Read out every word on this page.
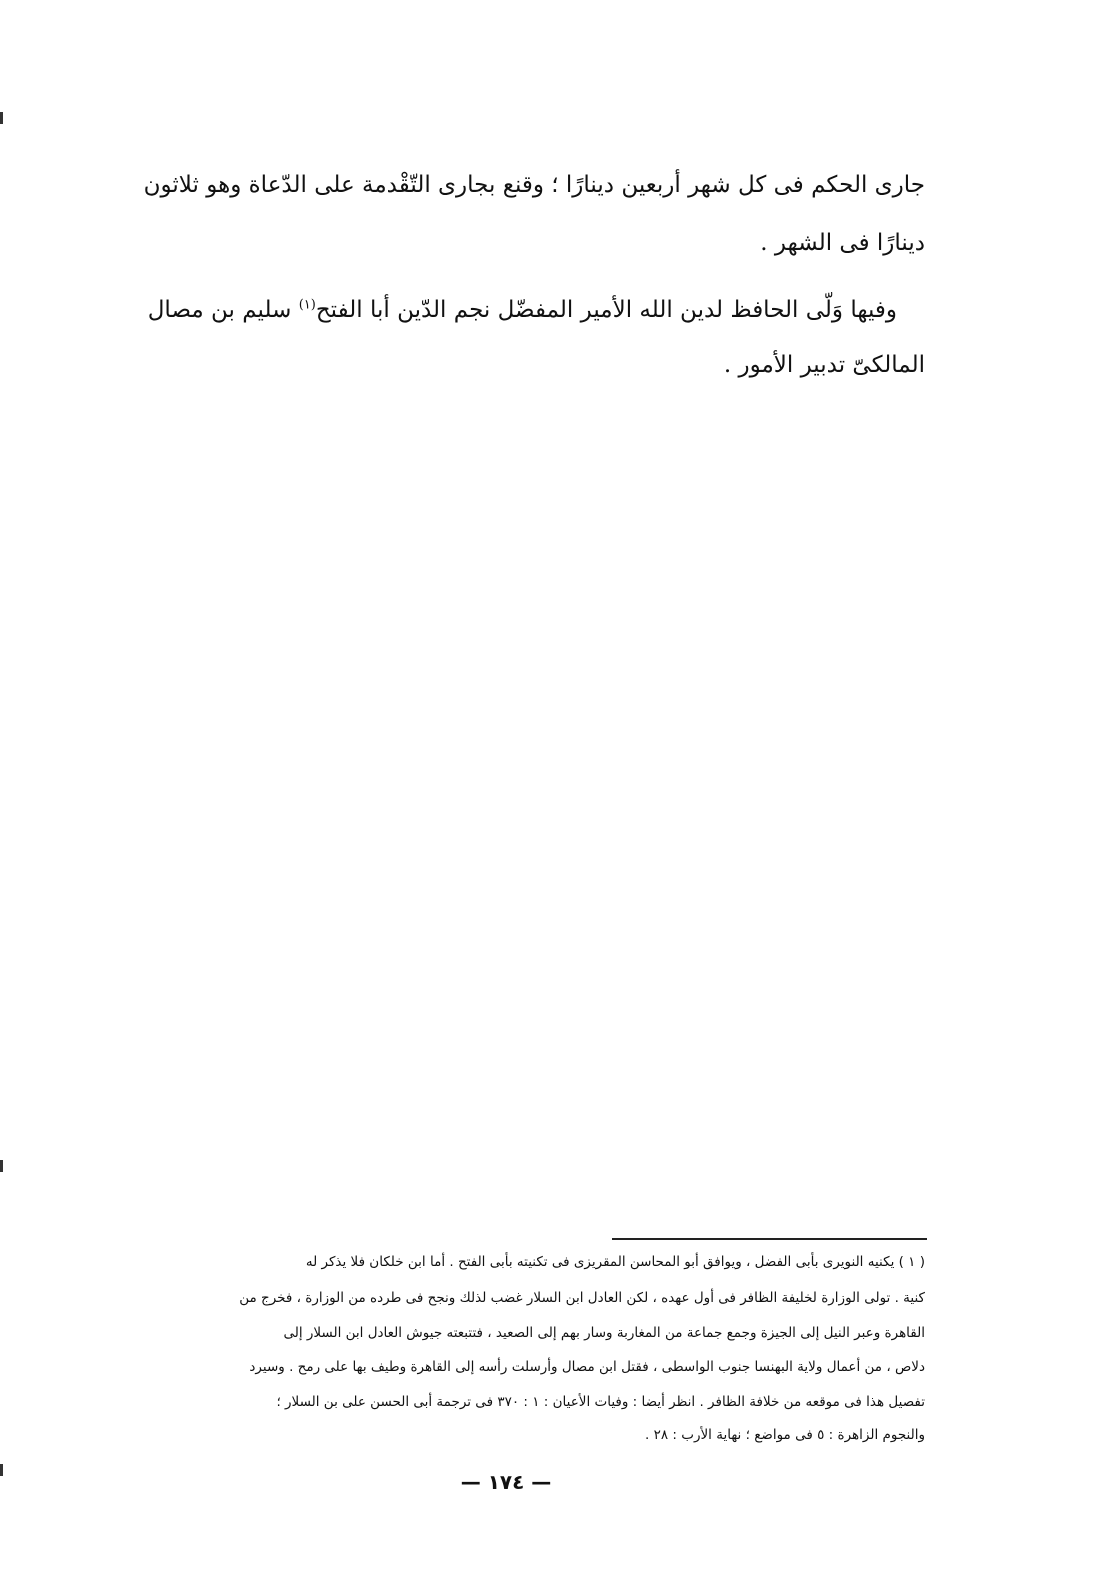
جارى الحكم فى كل شهر أربعين دينارًا ؛ وقنع بجارى التّقْدمة على الدّعاة وهو ثلاثون
دينارًا فى الشهر .
وفيها وَلّى الحافظ لدين الله الأمير المفضّل نجم الدّين أبا الفتح$^{(١)}$ سليم بن مصال
المالكىّ تدبير الأمور .
( ١ ) يكنيه النويرى بأبى الفضل ، ويوافق أبو المحاسن المقريزى فى تكنيته بأبى الفتح . أما ابن خلكان فلا يذكر له
كنية . تولى الوزارة لخليفة الظافر فى أول عهده ، لكن العادل ابن السلار غضب لذلك ونجح فى طرده من الوزارة ، فخرج من
القاهرة وعبر النيل إلى الجيزة وجمع جماعة من المغاربة وسار بهم إلى الصعيد ، فتتبعته جيوش العادل ابن السلار إلى
دلاص ، من أعمال ولاية البهنسا جنوب الواسطى ، فقتل ابن مصال وأرسلت رأسه إلى القاهرة وطيف بها على رمح . وسيرد
تفصيل هذا فى موقعه من خلافة الظافر . انظر أيضا : وفيات الأعيان : ١ : ٣٧٠ فى ترجمة أبى الحسن على بن السلار ؛
والنجوم الزاهرة : ٥ فى مواضع ؛ نهاية الأرب : ٢٨ .
— ١٧٤ —
